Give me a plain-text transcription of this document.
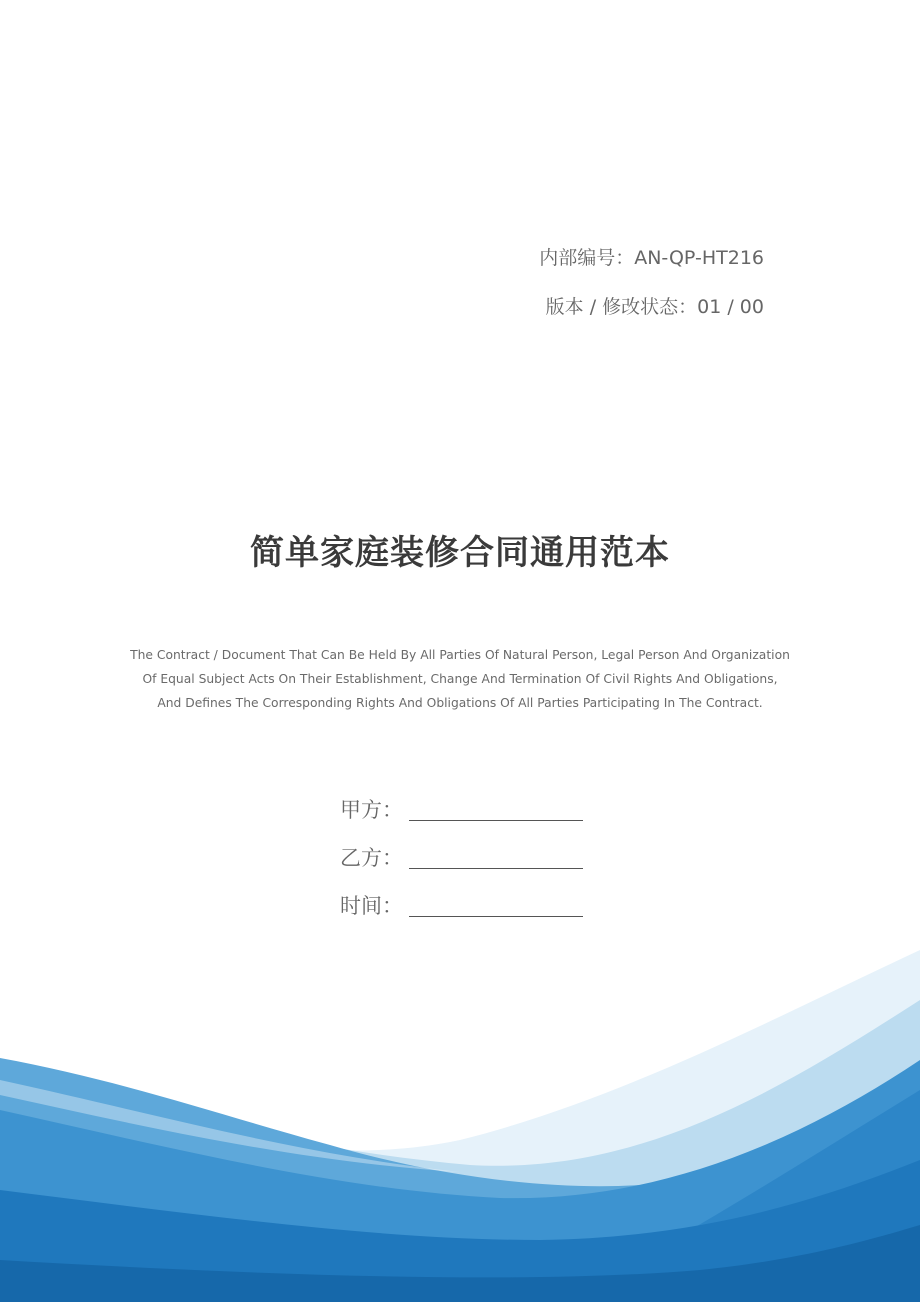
内部编号：AN-QP-HT216
版本 / 修改状态：01 / 00
简单家庭装修合同通用范本
The Contract / Document That Can Be Held By All Parties Of Natural Person, Legal Person And Organization Of Equal Subject Acts On Their Establishment, Change And Termination Of Civil Rights And Obligations, And Defines The Corresponding Rights And Obligations Of All Parties Participating In The Contract.
甲方：
乙方：
时间：
